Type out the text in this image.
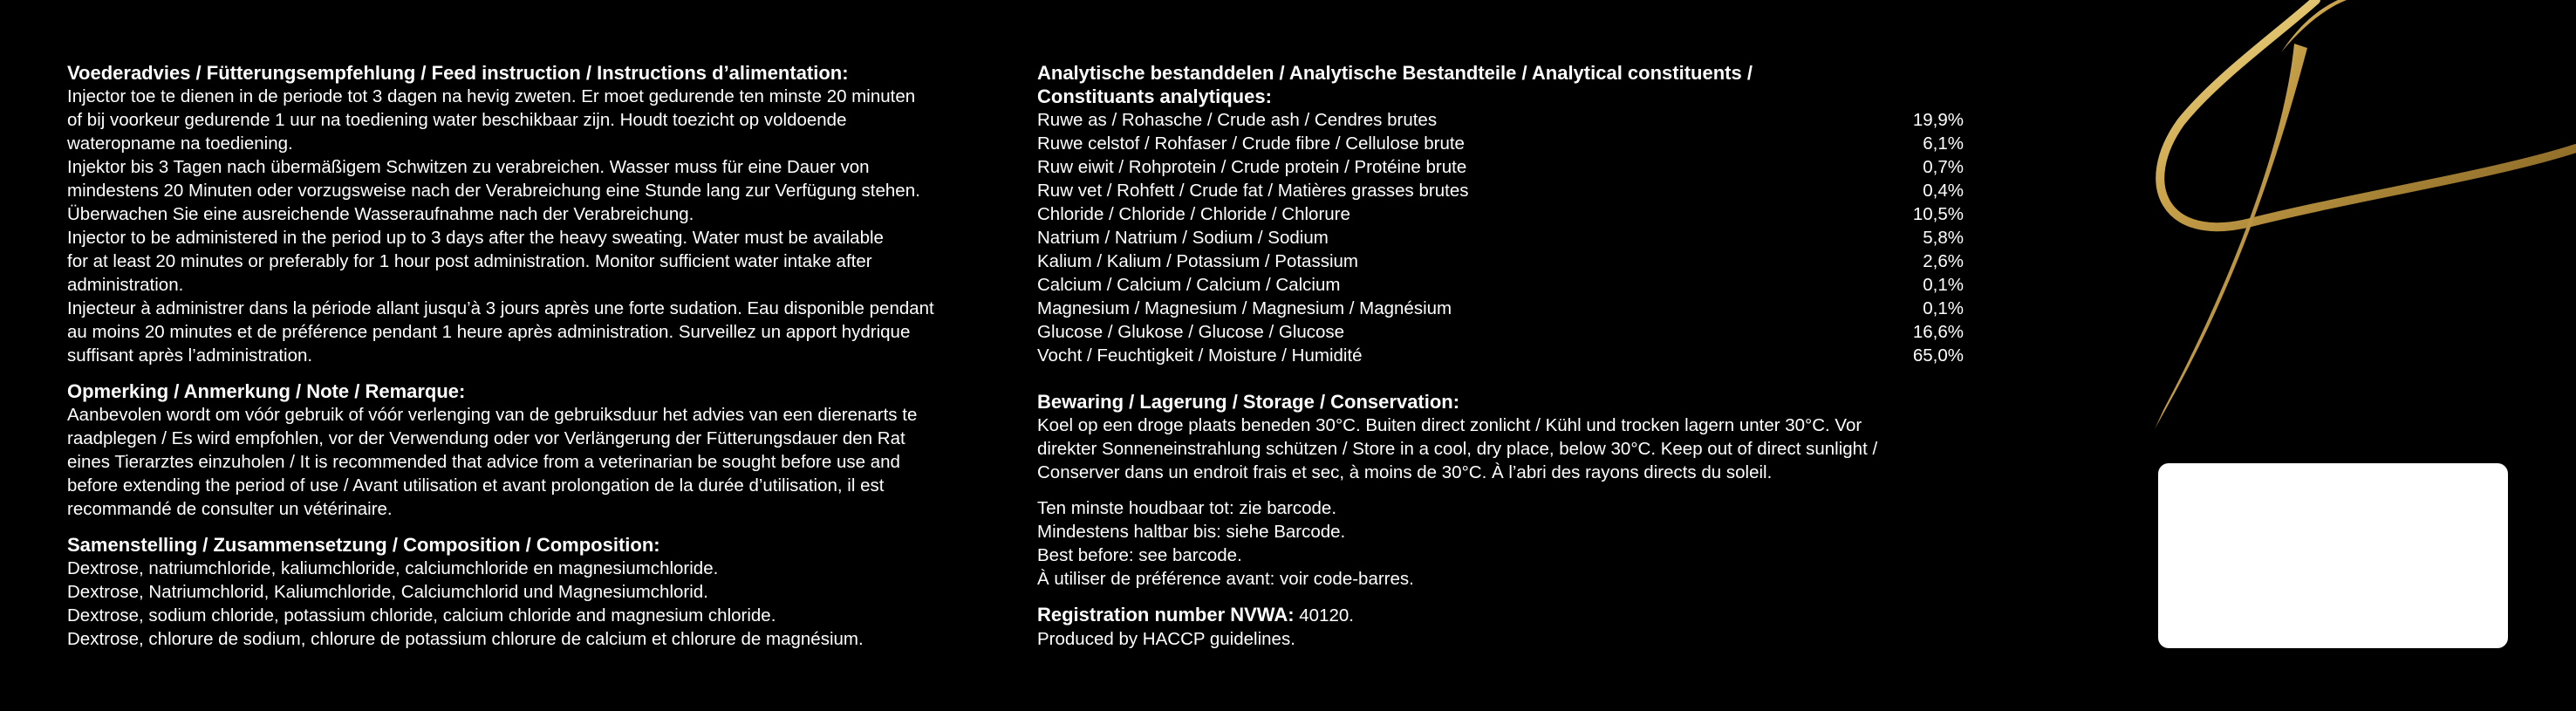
Voederadvies / Fütterungsempfehlung / Feed instruction / Instructions d’alimentation:

Injector toe te dienen in de periode tot 3 dagen na hevig zweten. Er moet gedurende ten minste 20 minuten

of bij voorkeur gedurende 1 uur na toediening water beschikbaar zijn. Houdt toezicht op voldoende

wateropname na toediening.

Injektor bis 3 Tagen nach übermäßigem Schwitzen zu verabreichen. Wasser muss für eine Dauer von

mindestens 20 Minuten oder vorzugsweise nach der Verabreichung eine Stunde lang zur Verfügung stehen.

Überwachen Sie eine ausreichende Wasseraufnahme nach der Verabreichung.

Injector to be administered in the period up to 3 days after the heavy sweating. Water must be available

for at least 20 minutes or preferably for 1 hour post administration. Monitor sufficient water intake after

administration.

Injecteur à administrer dans la période allant jusqu’à 3 jours après une forte sudation. Eau disponible pendant

au moins 20 minutes et de préférence pendant 1 heure après administration. Surveillez un apport hydrique

suffisant après l’administration.

Opmerking / Anmerkung / Note / Remarque:

Aanbevolen wordt om vóór gebruik of vóór verlenging van de gebruiksduur het advies van een dierenarts te

raadplegen / Es wird empfohlen, vor der Verwendung oder vor Verlängerung der Fütterungsdauer den Rat

eines Tierarztes einzuholen / It is recommended that advice from a veterinarian be sought before use and

before extending the period of use / Avant utilisation et avant prolongation de la durée d’utilisation, il est

recommandé de consulter un vétérinaire.

Samenstelling / Zusammensetzung / Composition / Composition:

Dextrose, natriumchloride, kaliumchloride, calciumchloride en magnesiumchloride.

Dextrose, Natriumchlorid, Kaliumchloride, Calciumchlorid und Magnesiumchlorid.

Dextrose, sodium chloride, potassium chloride, calcium chloride and magnesium chloride.

Dextrose, chlorure de sodium, chlorure de potassium chlorure de calcium et chlorure de magnésium.

Analytische bestanddelen / Analytische Bestandteile / Analytical constituents /
Constituants analytiques:
Ruwe as / Rohasche / Crude ash / Cendres brutes	19,9%
Ruwe celstof / Rohfaser / Crude fibre / Cellulose brute	6,1%
Ruw eiwit / Rohprotein / Crude protein / Protéine brute	0,7%
Ruw vet / Rohfett / Crude fat / Matières grasses brutes	0,4%
Chloride / Chloride / Chloride / Chlorure	10,5%
Natrium / Natrium / Sodium / Sodium	5,8%
Kalium / Kalium / Potassium / Potassium	2,6%
Calcium / Calcium / Calcium / Calcium	0,1%
Magnesium / Magnesium / Magnesium / Magnésium	0,1%
Glucose / Glukose / Glucose / Glucose	16,6%
Vocht / Feuchtigkeit / Moisture / Humidité	65,0%
Bewaring / Lagerung / Storage / Conservation:

Koel op een droge plaats beneden 30°C. Buiten direct zonlicht / Kühl und trocken lagern unter 30°C. Vor

direkter Sonneneinstrahlung schützen / Store in a cool, dry place, below 30°C. Keep out of direct sunlight /

Conserver dans un endroit frais et sec, à moins de 30°C. À l’abri des rayons directs du soleil.

Ten minste houdbaar tot: zie barcode.

Mindestens haltbar bis: siehe Barcode.

Best before: see barcode.

À utiliser de préférence avant: voir code-barres.

Registration number NVWA: 40120.

Produced by HACCP guidelines.
